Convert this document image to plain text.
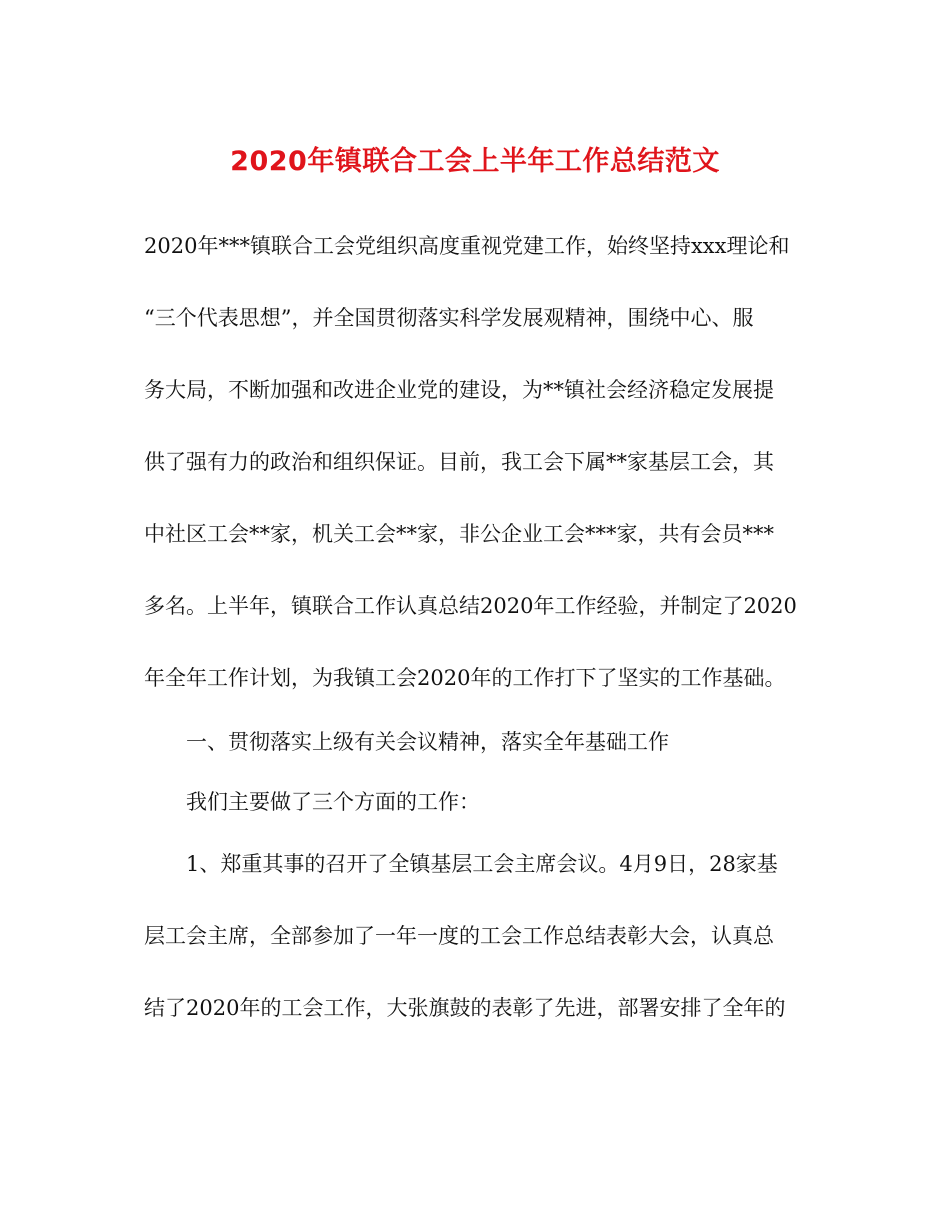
2020年镇联合工会上半年工作总结范文

2020年***镇联合工会党组织高度重视党建工作，始终坚持xxx理论和

“三个代表思想”，并全国贯彻落实科学发展观精神，围绕中心、服

务大局，不断加强和改进企业党的建设，为**镇社会经济稳定发展提

供了强有力的政治和组织保证。目前，我工会下属**家基层工会，其

中社区工会**家，机关工会**家，非公企业工会***家，共有会员***

多名。上半年，镇联合工作认真总结2020年工作经验，并制定了2020

年全年工作计划，为我镇工会2020年的工作打下了坚实的工作基础。

一、贯彻落实上级有关会议精神，落实全年基础工作

我们主要做了三个方面的工作：

1、郑重其事的召开了全镇基层工会主席会议。4月9日，28家基

层工会主席，全部参加了一年一度的工会工作总结表彰大会，认真总

结了2020年的工会工作，大张旗鼓的表彰了先进，部署安排了全年的
